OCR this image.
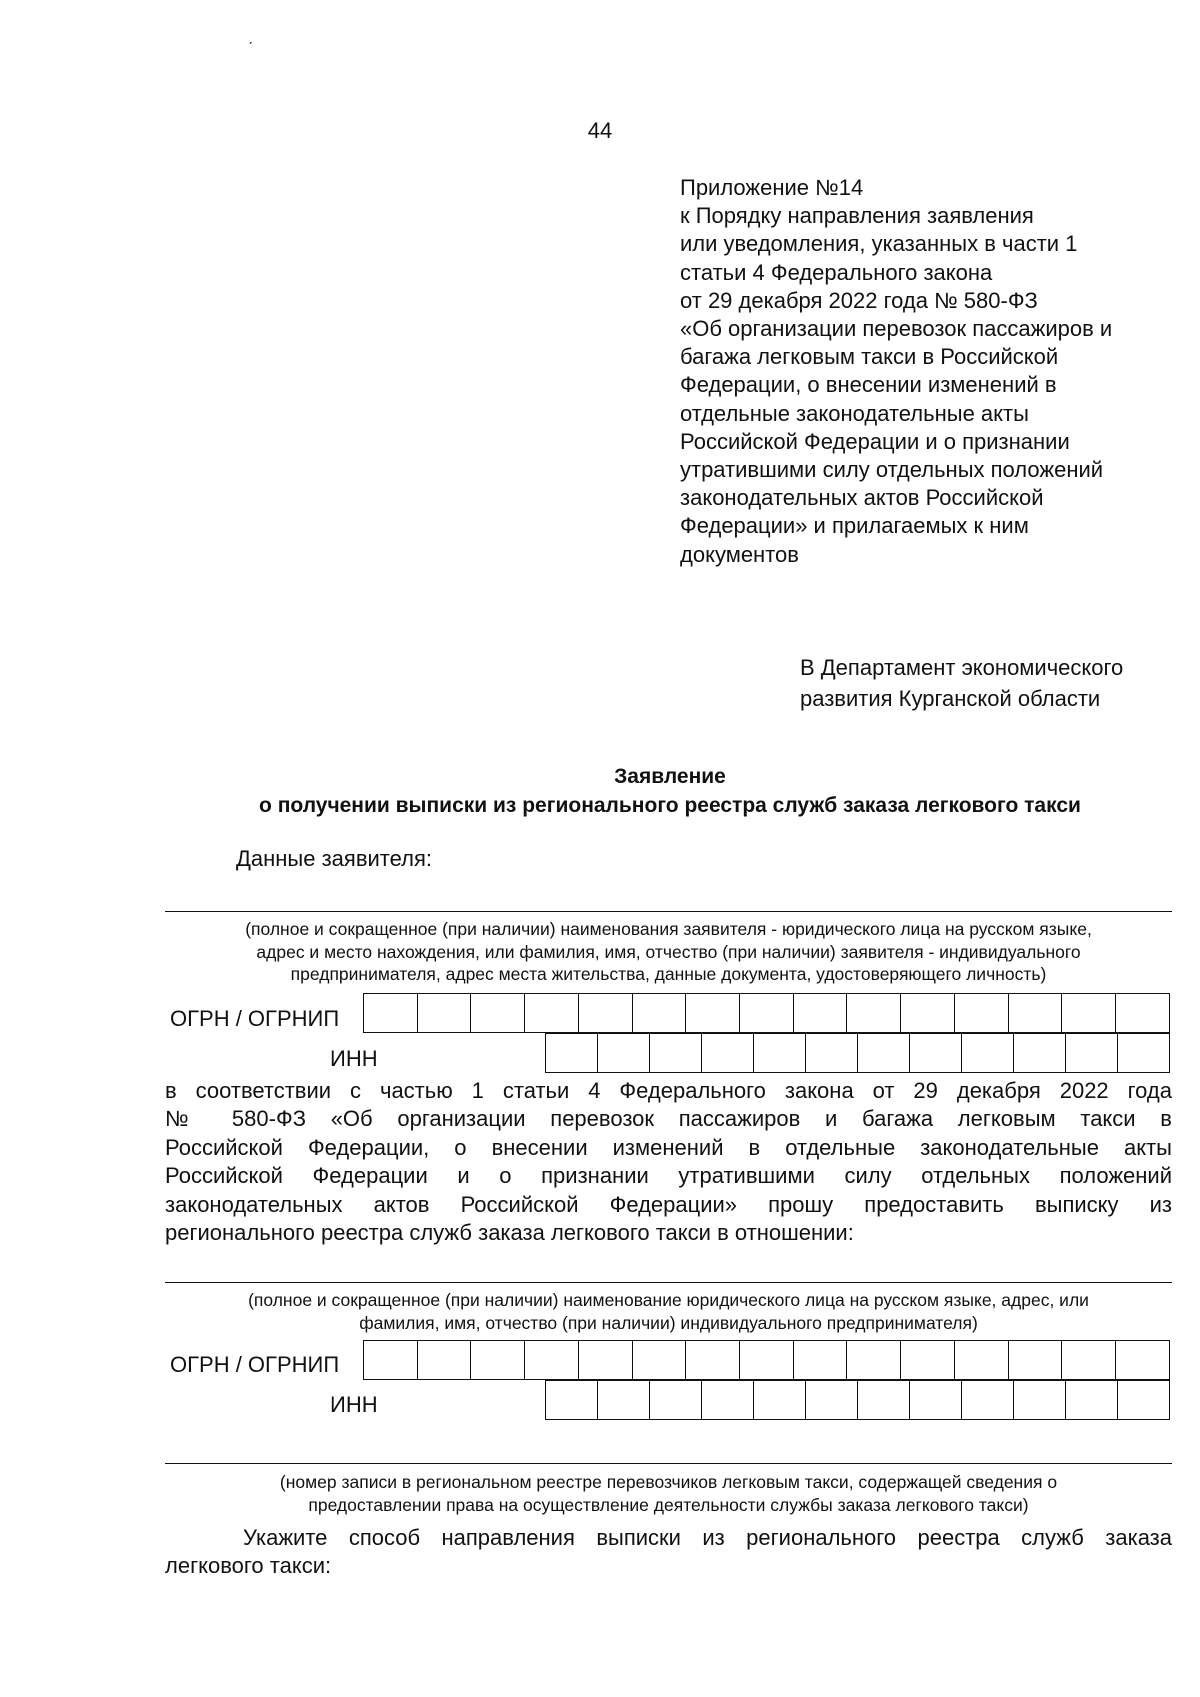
ˏ
44
Приложение №14
к Порядку направления заявления
или уведомления, указанных в части 1
статьи 4 Федерального закона
от 29 декабря 2022 года № 580-ФЗ
«Об организации перевозок пассажиров и
багажа легковым такси в Российской
Федерации, о внесении изменений в
отдельные законодательные акты
Российской Федерации и о признании
утратившими силу отдельных положений
законодательных актов Российской
Федерации» и прилагаемых к ним
документов
В Департамент экономического
развития Курганской области
Заявление
о получении выписки из регионального реестра служб заказа легкового такси
Данные заявителя:
(полное и сокращенное (при наличии) наименования заявителя - юридического лица на русском языке,
адрес и место нахождения, или фамилия, имя, отчество (при наличии) заявителя - индивидуального
предпринимателя, адрес места жительства, данные документа, удостоверяющего личность)
ОГРН / ОГРНИП
ИНН
в соответствии с частью 1 статьи 4 Федерального закона от 29 декабря 2022 года
№ 580-ФЗ «Об организации перевозок пассажиров и багажа легковым такси в
Российской Федерации, о внесении изменений в отдельные законодательные акты
Российской Федерации и о признании утратившими силу отдельных положений
законодательных актов Российской Федерации» прошу предоставить выписку из
регионального реестра служб заказа легкового такси в отношении:
(полное и сокращенное (при наличии) наименование юридического лица на русском языке, адрес, или
фамилия, имя, отчество (при наличии) индивидуального предпринимателя)
ОГРН / ОГРНИП
ИНН
(номер записи в региональном реестре перевозчиков легковым такси, содержащей сведения о
предоставлении права на осуществление деятельности службы заказа легкового такси)
Укажите способ направления выписки из регионального реестра служб заказа
легкового такси:
